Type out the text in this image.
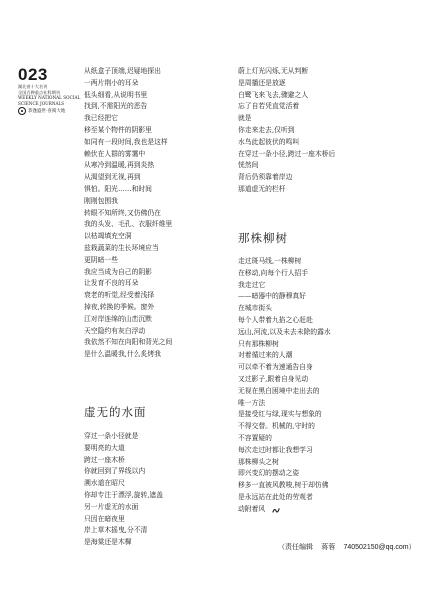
023
湖北省十大名刊
全国百种重点社科期刊
WEEKLY NATIONAL SOCIAL
SCIENCE JOURNALS
恭逢盛世·喜阅大地
从纸盒子顶端,迟疑地探出
一两片荆小的耳朵
低头细看,从说明书里
找到,不需阳光的恶告
我已经把它
移至某个物件的阴影里
如同有一段时间,我也是这样
赖伏在人群的雾霭中
从寒冷到温暖,再到炎热
从渴望到无视,再到
惧怕。阳光……和时间
刚刚包围我
转眼不知所终,又仿佛仍在
我的头发、毛孔、衣服纤维里
以枯竭填充空洞
兹栽蔬菜的生长环境应当
更阴暗一些
我应当成为自己的阴影
让发育不良的耳朵
衰老的听觉,经受着浅择
掉夜,转换的季候。窗外
江对岸连绵的山峦沉默
天空隐约有灰白浮动
我依然不知在向阳和背光之间
是什么温暖我,什么炙烤我
虚无的水面
穿过一条小径就是
要明亮的大道
跨过一座木桥
你就回到了界线以内
溯水道在昭尺
你却专注于漂浮,旋转,遮盖
另一片虚无的水面
只因在暗夜里
岸上草木摇曳,分不清
是海棠还是木樨
蔚上灯光闪烁,无从判断
是周播还是放逐
白鹭飞来飞去,骤避之人
忘了自若凭直觉活着
就是
你走来走去,仅听到
水鸟此起彼伏的鸣叫
在穿过一条小径,跨过一座木桥后
恍然间
背后仍须靠着岸边
那道虚无的栏杆
那株柳树
走过斑马线,一株柳树
在移动,向每个行人招手
我走过它
——暗器中的静穆真好
在城市街头
每个人带着九掐之心赶赴
远山,河流,以及未去未除的露水
只有那株柳树
对着循过来的人潮
可以牵不着为速通告自身
又过影子,跟着自身见动
无视在黑白困境中走出去的
唯一方法
是接受红与绿,现实与想象的
不得交替。机械的,守时的
不容置疑的
每次走过时都让我想学习
那株柳头之树
即兴变幻的摆动之姿
移多一直被风教唆,树于却仿佛
是永远站在此处的劳观者
动附着风
（责任编辑 蒋蓉 740502150@qq.com）
